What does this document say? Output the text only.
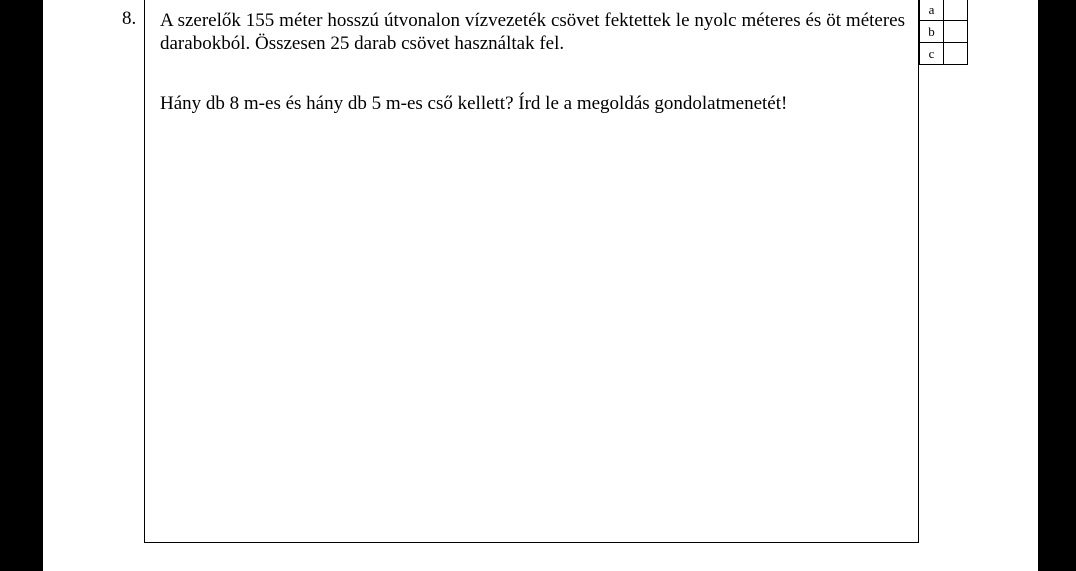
8. A szerelők 155 méter hosszú útvonalon vízvezeték csövet fektettek le nyolc méteres és öt méteres darabokból. Összesen 25 darab csövet használtak fel.

Hány db 8 m-es és hány db 5 m-es cső kellett? Írd le a megoldás gondolatmenetét!

a	
b	
c	
